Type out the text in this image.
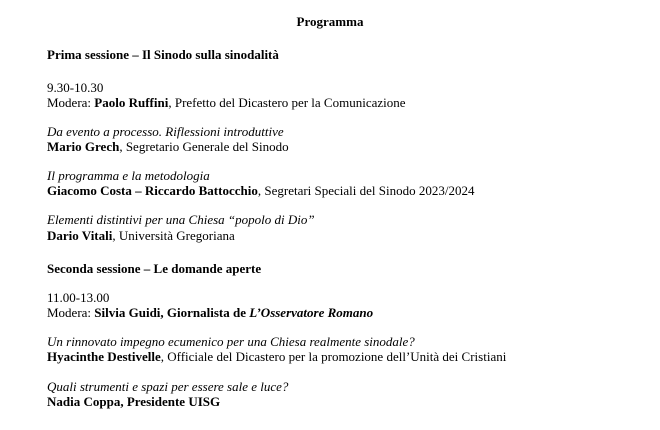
Programma
Prima sessione – Il Sinodo sulla sinodalità
9.30-10.30
Modera: Paolo Ruffini, Prefetto del Dicastero per la Comunicazione
Da evento a processo. Riflessioni introduttive
Mario Grech, Segretario Generale del Sinodo
Il programma e la metodologia
Giacomo Costa – Riccardo Battocchio, Segretari Speciali del Sinodo 2023/2024
Elementi distintivi per una Chiesa “popolo di Dio”
Dario Vitali, Università Gregoriana
Seconda sessione – Le domande aperte
11.00-13.00
Modera: Silvia Guidi, Giornalista de L’Osservatore Romano
Un rinnovato impegno ecumenico per una Chiesa realmente sinodale?
Hyacinthe Destivelle, Officiale del Dicastero per la promozione dell’Unità dei Cristiani
Quali strumenti e spazi per essere sale e luce?
Nadia Coppa, Presidente UISG
